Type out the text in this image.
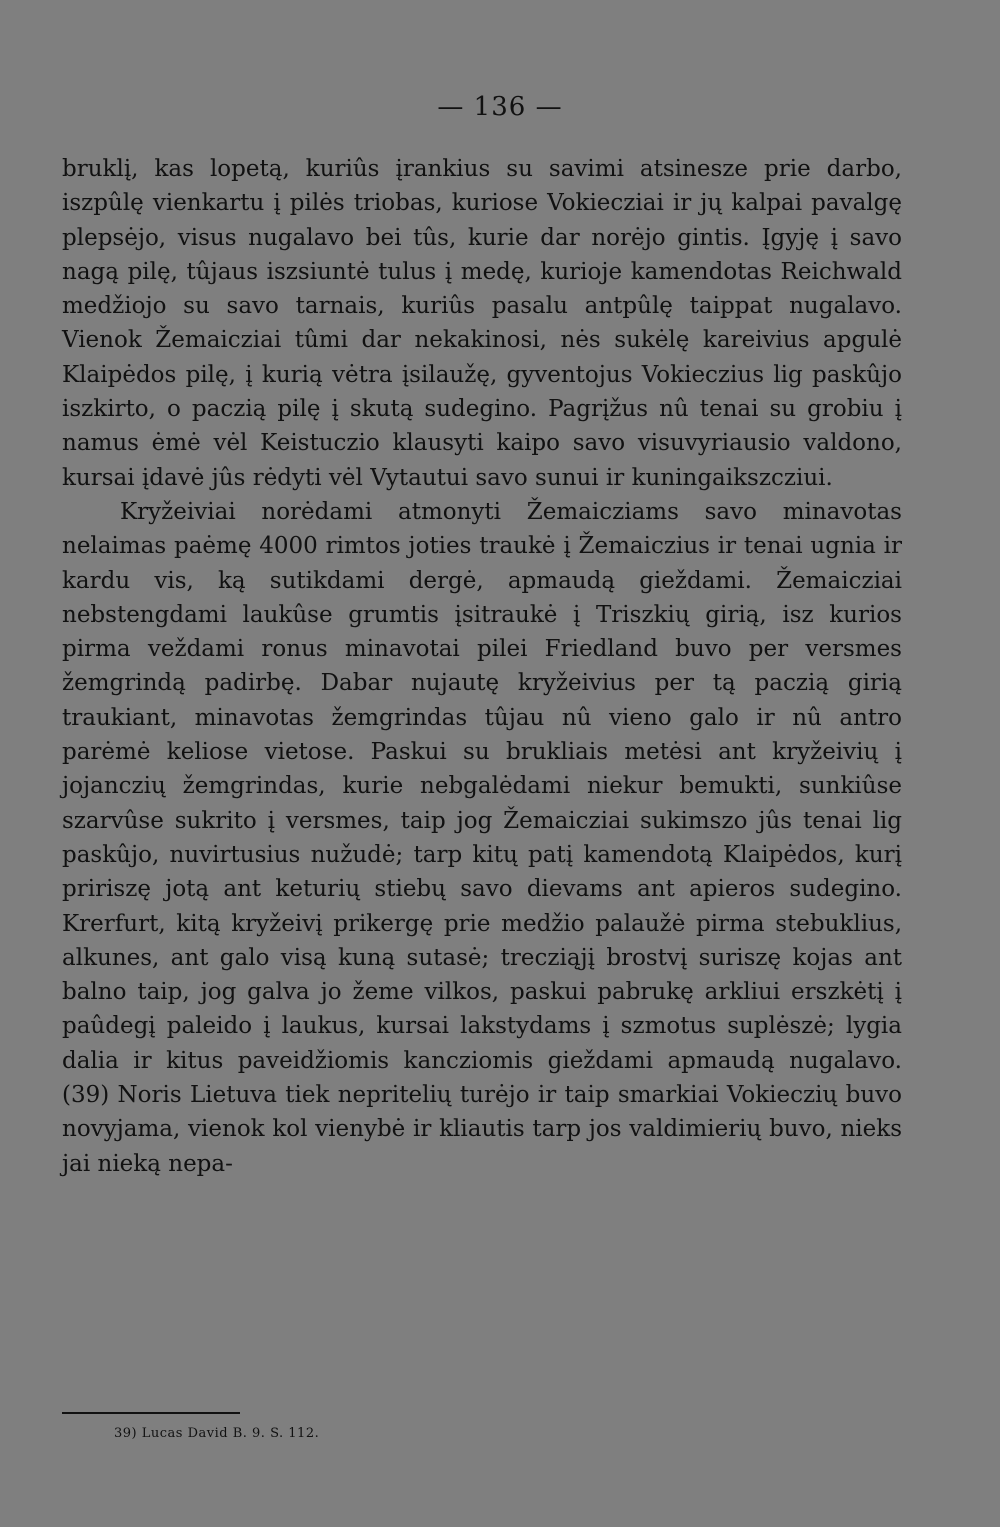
— 136 —

bruklį, kas lopetą, kuriûs įrankius su savimi atsinesze prie darbo, iszpûlę vienkartu į pilės triobas, kuriose Vokiecziai ir jų kalpai pavalgę plepsėjo, visus nugalavo bei tûs, kurie dar norėjo gintis. Įgyję į savo nagą pilę, tûjaus iszsiuntė tulus į medę, kurioje kamendotas Reichwald medžiojo su savo tarnais, kuriûs pasalu antpûlę taippat nugalavo. Vienok Žemaicziai tûmi dar nekakinosi, nės sukėlę kareivius apgulė Klaipėdos pilę, į kurią vėtra įsilaužę, gyventojus Vokieczius lig paskûjo iszkirto, o paczią pilę į skutą sudegino. Pagrįžus nû tenai su grobiu į namus ėmė vėl Keistuczio klausyti kaipo savo visuvyriausio valdono, kursai įdavė jûs rėdyti vėl Vytautui savo sunui ir kuningaikszcziui.

Kryžeiviai norėdami atmonyti Žemaicziams savo minavotas nelaimas paėmę 4000 rimtos joties traukė į Žemaiczius ir tenai ugnia ir kardu vis, ką sutikdami dergė, apmaudą gieždami. Žemaicziai nebstengdami laukûse grumtis įsitraukė į Triszkių girią, isz kurios pirma veždami ronus minavotai pilei Friedland buvo per versmes žemgrindą padirbę. Dabar nujautę kryžeivius per tą paczią girią traukiant, minavotas žemgrindas tûjau nû vieno galo ir nû antro parėmė keliose vietose. Paskui su brukliais metėsi ant kryžeivių į jojanczių žemgrindas, kurie nebgalėdami niekur bemukti, sunkiûse szarvûse sukrito į versmes, taip jog Žemaicziai sukimszo jûs tenai lig paskûjo, nuvirtusius nužudė; tarp kitų patį kamendotą Klaipėdos, kurį pririszę jotą ant keturių stiebų savo dievams ant apieros sudegino. Krerfurt, kitą kryžeivį prikergę prie medžio palaužė pirma stebuklius, alkunes, ant galo visą kuną sutasė; trecziąjį brostvį suriszę kojas ant balno taip, jog galva jo žeme vilkos, paskui pabrukę arkliui erszkėtį į paûdegį paleido į laukus, kursai lakstydams į szmotus suplėszė; lygia dalia ir kitus paveidžiomis kancziomis gieždami apmaudą nugalavo. (39) Noris Lietuva tiek nepritelių turėjo ir taip smarkiai Vokieczių buvo novyjama, vienok kol vienybė ir kliautis tarp jos valdimierių buvo, nieks jai nieką nepa-

39) Lucas David B. 9. S. 112.
